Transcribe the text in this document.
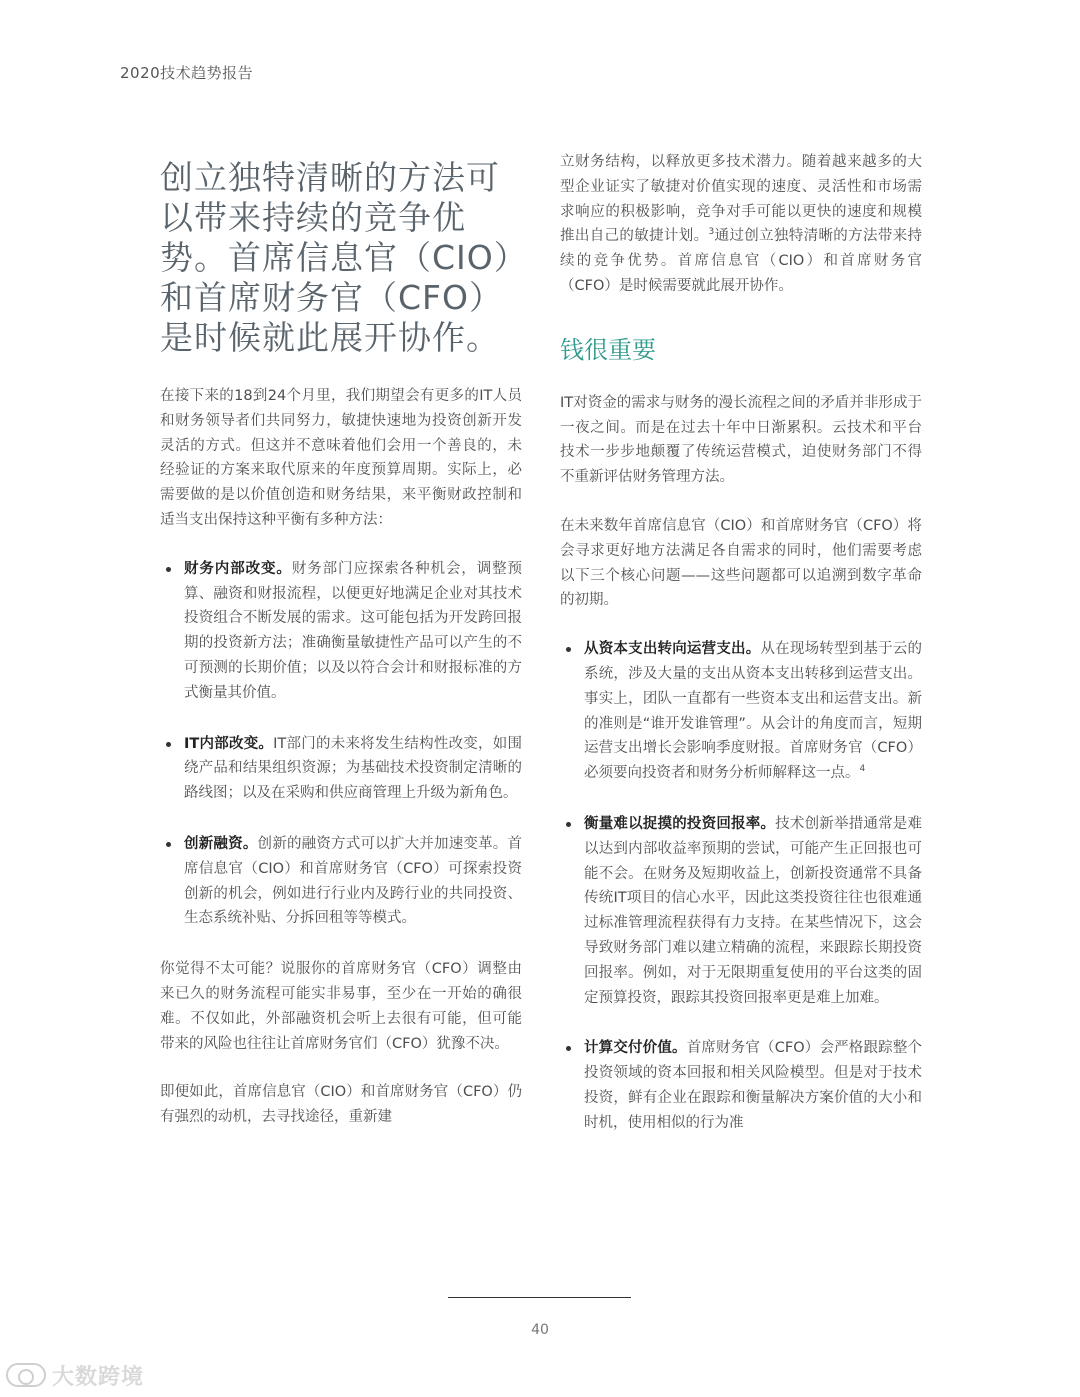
2020技术趋势报告
创立独特清晰的方法可以带来持续的竞争优势。首席信息官（CIO）和首席财务官（CFO）是时候就此展开协作。

在接下来的18到24个月里，我们期望会有更多的IT人员和财务领导者们共同努力，敏捷快速地为投资创新开发灵活的方式。但这并不意味着他们会用一个善良的，未经验证的方案来取代原来的年度预算周期。实际上，必需要做的是以价值创造和财务结果，来平衡财政控制和适当支出保持这种平衡有多种方法：

财务内部改变。财务部门应探索各种机会，调整预算、融资和财报流程，以便更好地满足企业对其技术投资组合不断发展的需求。这可能包括为开发跨回报期的投资新方法；准确衡量敏捷性产品可以产生的不可预测的长期价值；以及以符合会计和财报标准的方式衡量其价值。
IT内部改变。IT部门的未来将发生结构性改变，如围绕产品和结果组织资源；为基础技术投资制定清晰的路线图；以及在采购和供应商管理上升级为新角色。
创新融资。创新的融资方式可以扩大并加速变革。首席信息官（CIO）和首席财务官（CFO）可探索投资创新的机会，例如进行行业内及跨行业的共同投资、生态系统补贴、分拆回租等等模式。

你觉得不太可能？说服你的首席财务官（CFO）调整由来已久的财务流程可能实非易事，至少在一开始的确很难。不仅如此，外部融资机会听上去很有可能，但可能带来的风险也往往让首席财务官们（CFO）犹豫不决。

即便如此，首席信息官（CIO）和首席财务官（CFO）仍有强烈的动机，去寻找途径，重新建

立财务结构，以释放更多技术潜力。随着越来越多的大型企业证实了敏捷对价值实现的速度、灵活性和市场需求响应的积极影响，竞争对手可能以更快的速度和规模推出自己的敏捷计划。$^3$通过创立独特清晰的方法带来持续的竞争优势。首席信息官（CIO）和首席财务官（CFO）是时候需要就此展开协作。

钱很重要

IT对资金的需求与财务的漫长流程之间的矛盾并非形成于一夜之间。而是在过去十年中日渐累积。云技术和平台技术一步步地颠覆了传统运营模式，迫使财务部门不得不重新评估财务管理方法。

在未来数年首席信息官（CIO）和首席财务官（CFO）将会寻求更好地方法满足各自需求的同时，他们需要考虑以下三个核心问题——这些问题都可以追溯到数字革命的初期。

从资本支出转向运营支出。从在现场转型到基于云的系统，涉及大量的支出从资本支出转移到运营支出。事实上，团队一直都有一些资本支出和运营支出。新的准则是“谁开发谁管理”。从会计的角度而言，短期运营支出增长会影响季度财报。首席财务官（CFO）必须要向投资者和财务分析师解释这一点。$^4$
衡量难以捉摸的投资回报率。技术创新举措通常是难以达到内部收益率预期的尝试，可能产生正回报也可能不会。在财务及短期收益上，创新投资通常不具备传统IT项目的信心水平，因此这类投资往往也很难通过标准管理流程获得有力支持。在某些情况下，这会导致财务部门难以建立精确的流程，来跟踪长期投资回报率。例如，对于无限期重复使用的平台这类的固定预算投资，跟踪其投资回报率更是难上加难。
计算交付价值。首席财务官（CFO）会严格跟踪整个投资领域的资本回报和相关风险模型。但是对于技术投资，鲜有企业在跟踪和衡量解决方案价值的大小和时机，使用相似的行为准
40
大数跨境
